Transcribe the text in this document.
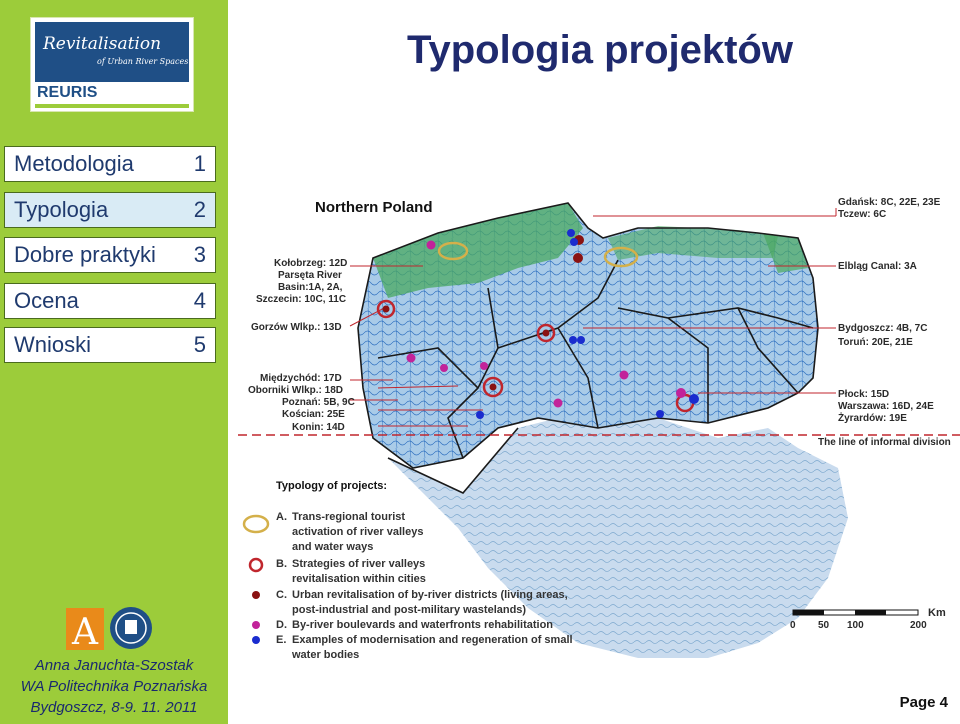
Revitalisation
of Urban River Spaces
REURIS
Metodologia	1
Typologia	2
Dobre praktyki 3
Ocena	4
Wnioski	5
A
Anna Januchta-Szostak
WA Politechnika Poznańska
Bydgoszcz, 8-9. 11. 2011
Typologia projektów
Northern Poland
Kołobrzeg: 12D
Parsęta River
Basin:1A, 2A,
Szczecin: 10C, 11C
Gorzów Wlkp.: 13D
Międzychód: 17D
Oborniki Wlkp.: 18D
Poznań: 5B, 9C
Kościan: 25E
Konin: 14D
Gdańsk: 8C, 22E, 23E
Tczew: 6C
Elbląg Canal: 3A
Bydgoszcz: 4B, 7C
Toruń: 20E, 21E
Płock: 15D
Warszawa: 16D, 24E
Żyrardów: 19E
The line of informal division
Typology of projects:
A. Trans-regional tourist
activation of river valleys
and water ways
B. Strategies of river valleys
revitalisation within cities
C. Urban revitalisation of by-river districts (living areas,
post-industrial and post-military wastelands)
D. By-river boulevards and waterfronts rehabilitation
E. Examples of modernisation and regeneration of small
water bodies
Km
0 50 100	200
Page 4
